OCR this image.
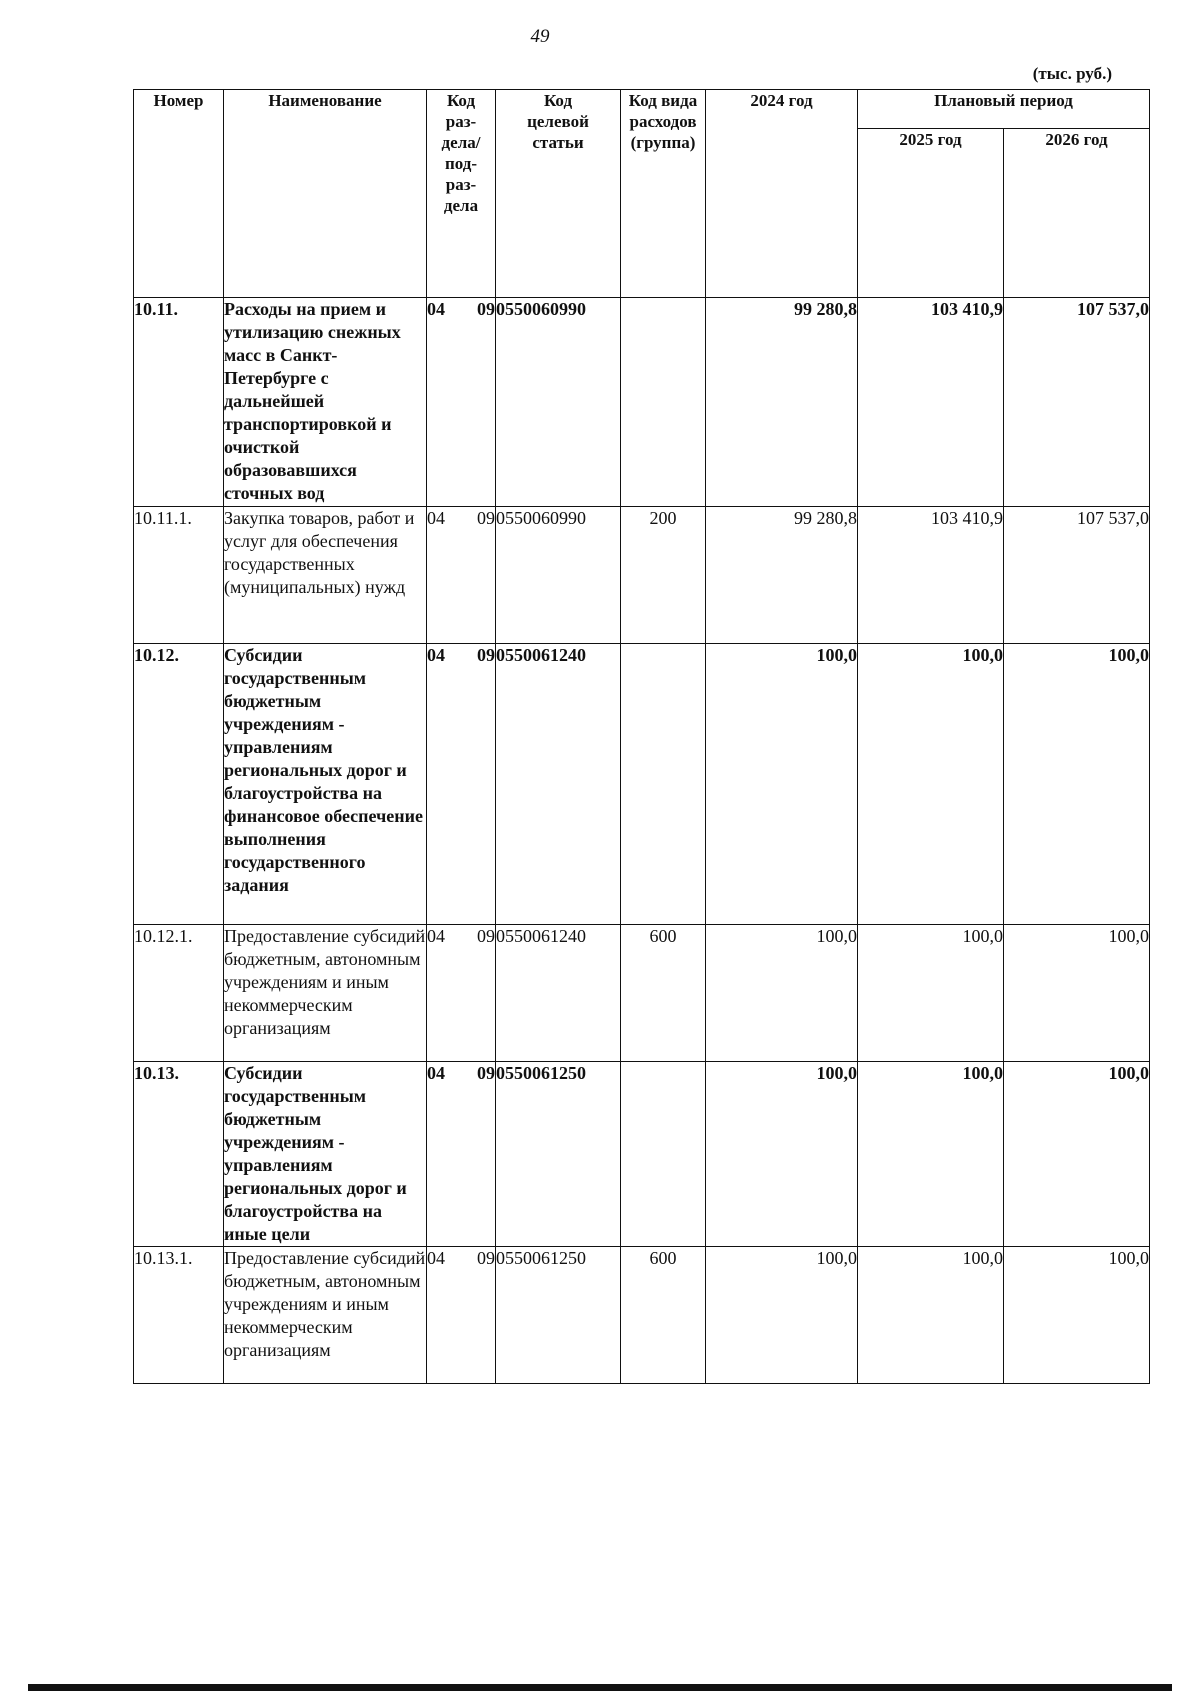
49
(тыс. руб.)
Номер	Наименование	Код раз- дела/ под- раз- дела	Код целевой статьи	Код вида расходов (группа)	2024 год	Плановый период	
						2025 год	2026 год
10.11.	Расходы на прием и утилизацию снежных масс в Санкт-Петербурге с дальнейшей транспортировкой и очисткой образовавшихся сточных вод	04 09	0550060990		99 280,8	103 410,9	107 537,0
10.11.1.	Закупка товаров, работ и услуг для обеспечения государственных (муниципальных) нужд	04 09	0550060990	200	99 280,8	103 410,9	107 537,0
10.12.	Субсидии государственным бюджетным учреждениям - управлениям региональных дорог и благоустройства на финансовое обеспечение выполнения государственного задания	04 09	0550061240		100,0	100,0	100,0
10.12.1.	Предоставление субсидий бюджетным, автономным учреждениям и иным некоммерческим организациям	04 09	0550061240	600	100,0	100,0	100,0
10.13.	Субсидии государственным бюджетным учреждениям - управлениям региональных дорог и благоустройства на иные цели	04 09	0550061250		100,0	100,0	100,0
10.13.1.	Предоставление субсидий бюджетным, автономным учреждениям и иным некоммерческим организациям	04 09	0550061250	600	100,0	100,0	100,0
